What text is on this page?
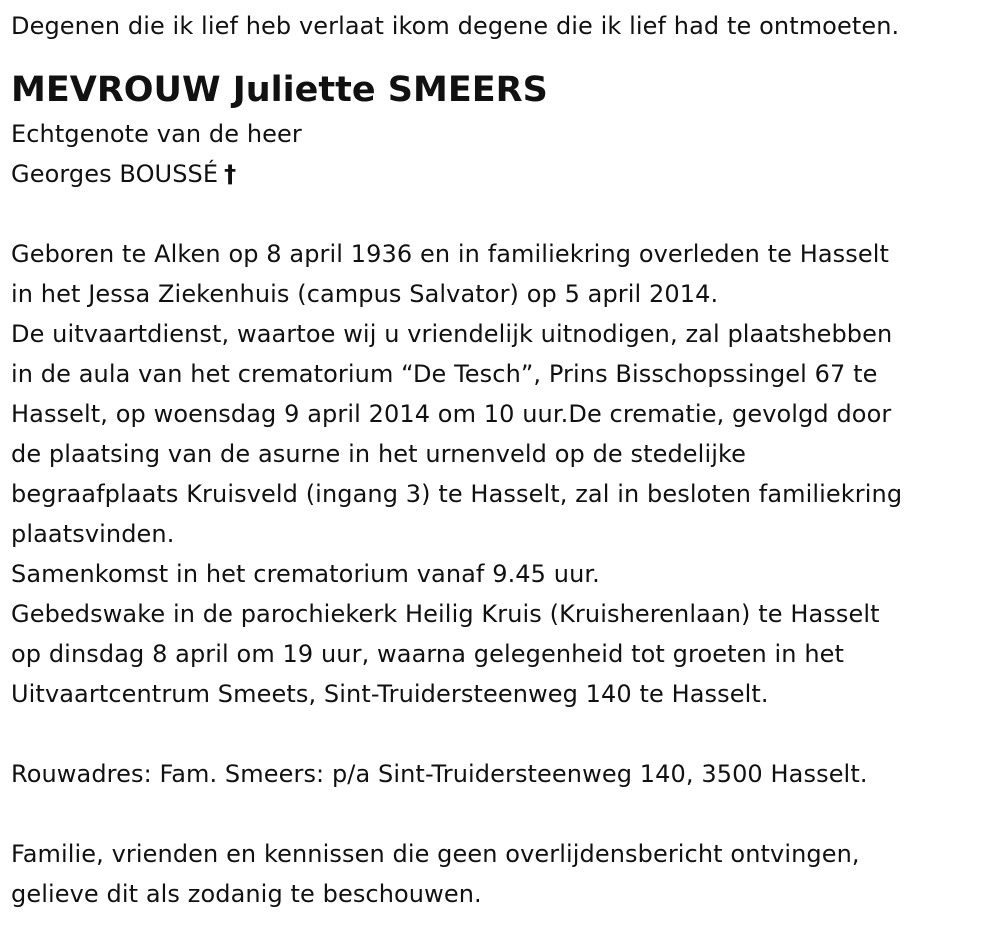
Degenen die ik lief heb verlaat ikom degene die ik lief had te ontmoeten.
MEVROUW Juliette SMEERS
Echtgenote van de heer
Georges BOUSSÉ †
Geboren te Alken op 8 april 1936 en in familiekring overleden te Hasselt
in het Jessa Ziekenhuis (campus Salvator) op 5 april 2014.
De uitvaartdienst, waartoe wij u vriendelijk uitnodigen, zal plaatshebben
in de aula van het crematorium “De Tesch”, Prins Bisschopssingel 67 te
Hasselt, op woensdag 9 april 2014 om 10 uur.De crematie, gevolgd door
de plaatsing van de asurne in het urnenveld op de stedelijke
begraafplaats Kruisveld (ingang 3) te Hasselt, zal in besloten familiekring
plaatsvinden.
Samenkomst in het crematorium vanaf 9.45 uur.
Gebedswake in de parochiekerk Heilig Kruis (Kruisherenlaan) te Hasselt
op dinsdag 8 april om 19 uur, waarna gelegenheid tot groeten in het
Uitvaartcentrum Smeets, Sint-Truidersteenweg 140 te Hasselt.
Rouwadres: Fam. Smeers: p/a Sint-Truidersteenweg 140, 3500 Hasselt.
Familie, vrienden en kennissen die geen overlijdensbericht ontvingen,
gelieve dit als zodanig te beschouwen.
